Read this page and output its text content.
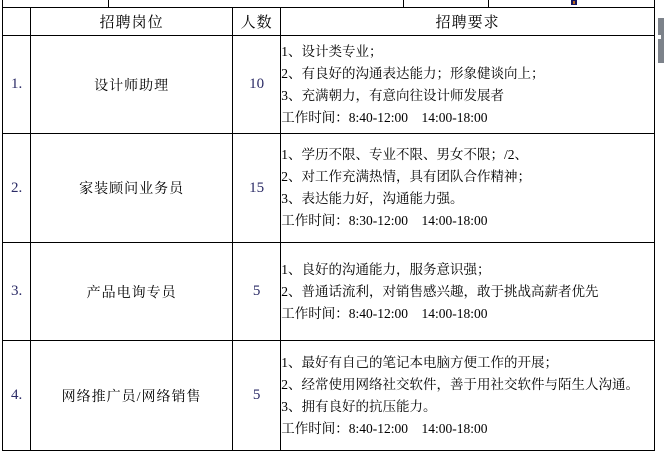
	招聘岗位	人数	招聘要求
1.	设计师助理	10	1、设计类专业；
2、有良好的沟通表达能力；形象健谈向上；
3、充满朝力，有意向往设计师发展者
工作时间：8:40-12:00    14:00-18:00

2.	家装顾问业务员	15	1、学历不限、专业不限、男女不限；/2、
2、对工作充满热情，具有团队合作精神；
3、表达能力好，沟通能力强。
工作时间：8:30-12:00    14:00-18:00

3.	产品电询专员	5	1、良好的沟通能力，服务意识强；
2、普通话流利，对销售感兴趣，敢于挑战高薪者优先
工作时间：8:40-12:00    14:00-18:00

4.	网络推广员/网络销售	5	1、最好有自己的笔记本电脑方便工作的开展；
2、经常使用网络社交软件，善于用社交软件与陌生人沟通。
3、拥有良好的抗压能力。
工作时间：8:40-12:00    14:00-18:00
